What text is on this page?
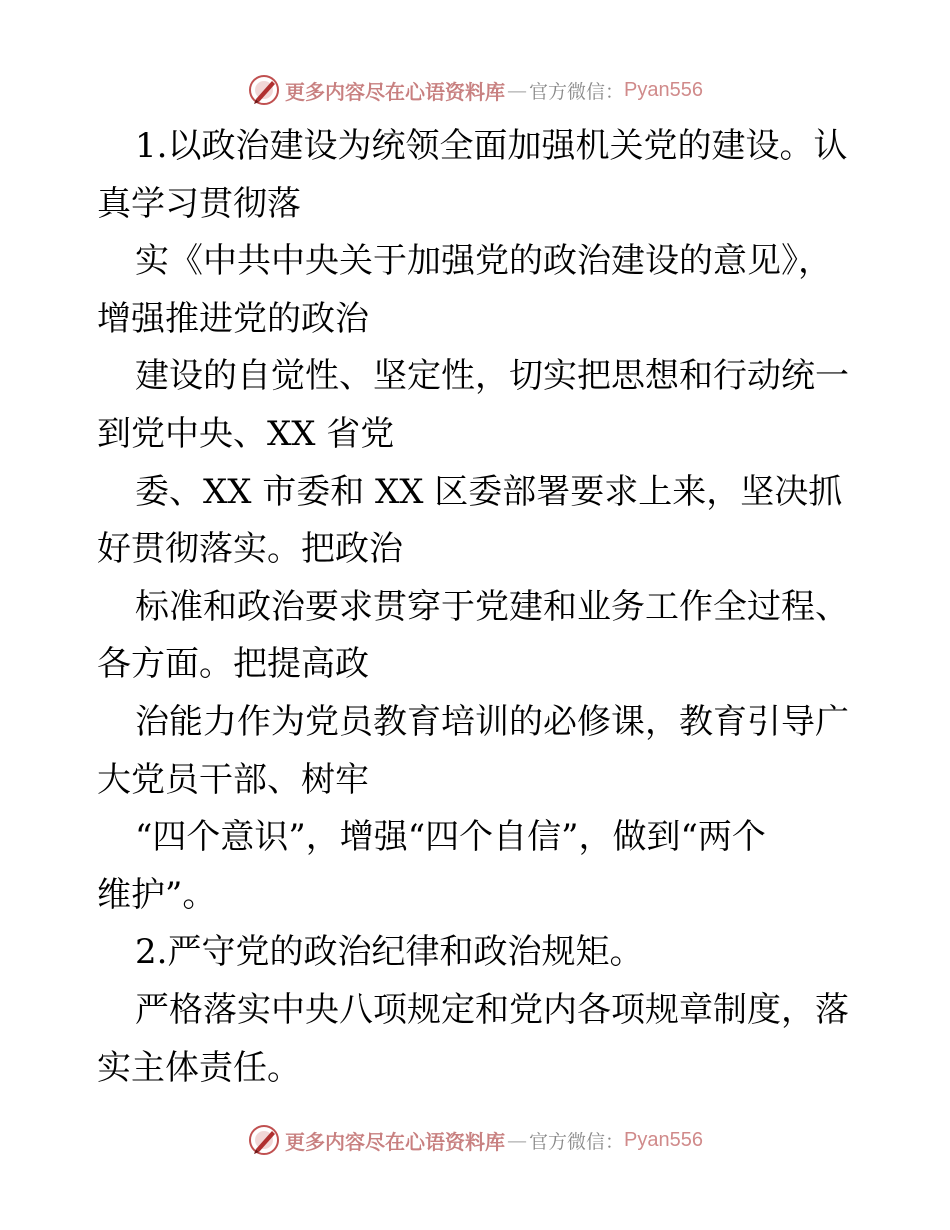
更多内容尽在心语资料库 — 官方微信： Pyan556
1.以政治建设为统领全面加强机关党的建设。认
真学习贯彻落
实《中共中央关于加强党的政治建设的意见》，
增强推进党的政治
建设的自觉性、坚定性，切实把思想和行动统一
到党中央、XX 省党
委、XX 市委和 XX 区委部署要求上来，坚决抓
好贯彻落实。把政治
标准和政治要求贯穿于党建和业务工作全过程、
各方面。把提高政
治能力作为党员教育培训的必修课，教育引导广
大党员干部、树牢
“四个意识”，增强“四个自信”，做到“两个
维护”。
2.严守党的政治纪律和政治规矩。
严格落实中央八项规定和党内各项规章制度，落
实主体责任。
更多内容尽在心语资料库 — 官方微信： Pyan556
